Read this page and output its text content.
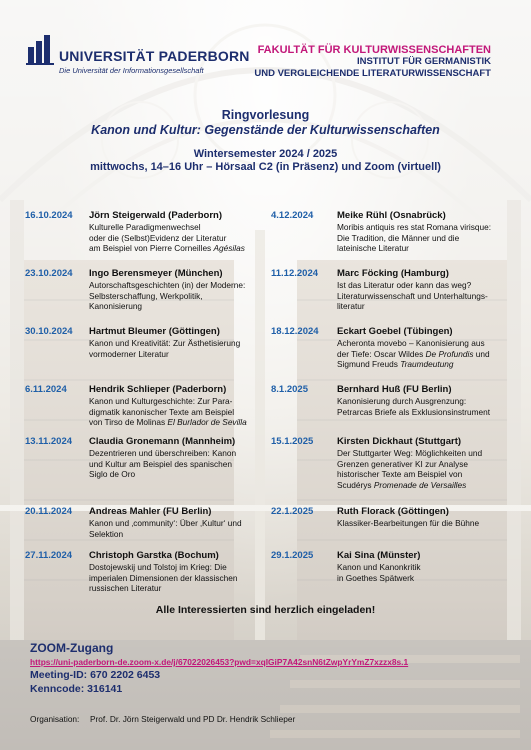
UNIVERSITÄT PADERBORN
Die Universität der Informationsgesellschaft
FAKULTÄT FÜR KULTURWISSENSCHAFTEN
INSTITUT FÜR GERMANISTIK
UND VERGLEICHENDE LITERATURWISSENSCHAFT
Ringvorlesung
Kanon und Kultur: Gegenstände der Kulturwissenschaften
Wintersemester 2024 / 2025
mittwochs, 14–16 Uhr – Hörsaal C2 (in Präsenz) und Zoom (virtuell)
16.10.2024 Jörn Steigerwald (Paderborn)
Kulturelle Paradigmenwechsel
oder die (Selbst)Evidenz der Literatur
am Beispiel von Pierre Corneilles Agésilas
23.10.2024 Ingo Berensmeyer (München)
Autorschaftsgeschichten (in) der Moderne:
Selbsterschaffung, Werkpolitik,
Kanonisierung
30.10.2024 Hartmut Bleumer (Göttingen)
Kanon und Kreativität: Zur Ästhetisierung
vormoderner Literatur
6.11.2024 Hendrik Schlieper (Paderborn)
Kanon und Kulturgeschichte: Zur Para-
digmatik kanonischer Texte am Beispiel
von Tirso de Molinas El Burlador de Sevilla
13.11.2024 Claudia Gronemann (Mannheim)
Dezentrieren und überschreiben: Kanon
und Kultur am Beispiel des spanischen
Siglo de Oro
20.11.2024 Andreas Mahler (FU Berlin)
Kanon und ‚community‘: Über ‚Kultur‘ und
Selektion
27.11.2024 Christoph Garstka (Bochum)
Dostojewskij und Tolstoj im Krieg: Die
imperialen Dimensionen der klassischen
russischen Literatur
4.12.2024 Meike Rühl (Osnabrück)
Moribis antiquis res stat Romana virisque:
Die Tradition, die Männer und die
lateinische Literatur
11.12.2024 Marc Föcking (Hamburg)
Ist das Literatur oder kann das weg?
Literaturwissenschaft und Unterhaltungs-
literatur
18.12.2024 Eckart Goebel (Tübingen)
Acheronta movebo – Kanonisierung aus
der Tiefe: Oscar Wildes De Profundis und
Sigmund Freuds Traumdeutung
8.1.2025	Bernhard Huß (FU Berlin)
Kanonisierung durch Ausgrenzung:
Petrarcas Briefe als Exklusionsinstrument
15.1.2025 Kirsten Dickhaut (Stuttgart)
Der Stuttgarter Weg: Möglichkeiten und
Grenzen generativer KI zur Analyse
historischer Texte am Beispiel von
Scudérys Promenade de Versailles
22.1.2025 Ruth Florack (Göttingen)
Klassiker-Bearbeitungen für die Bühne
29.1.2025 Kai Sina (Münster)
Kanon und Kanonkritik
in Goethes Spätwerk
Alle Interessierten sind herzlich eingeladen!
ZOOM-Zugang
https://uni-paderborn-de.zoom-x.de/j/67022026453?pwd=xqIGiP7A42snN6tZwpYrYmZ7xzzx8s.1
Meeting-ID: 670 2202 6453
Kenncode: 316141
Organisation: Prof. Dr. Jörn Steigerwald und PD Dr. Hendrik Schlieper
